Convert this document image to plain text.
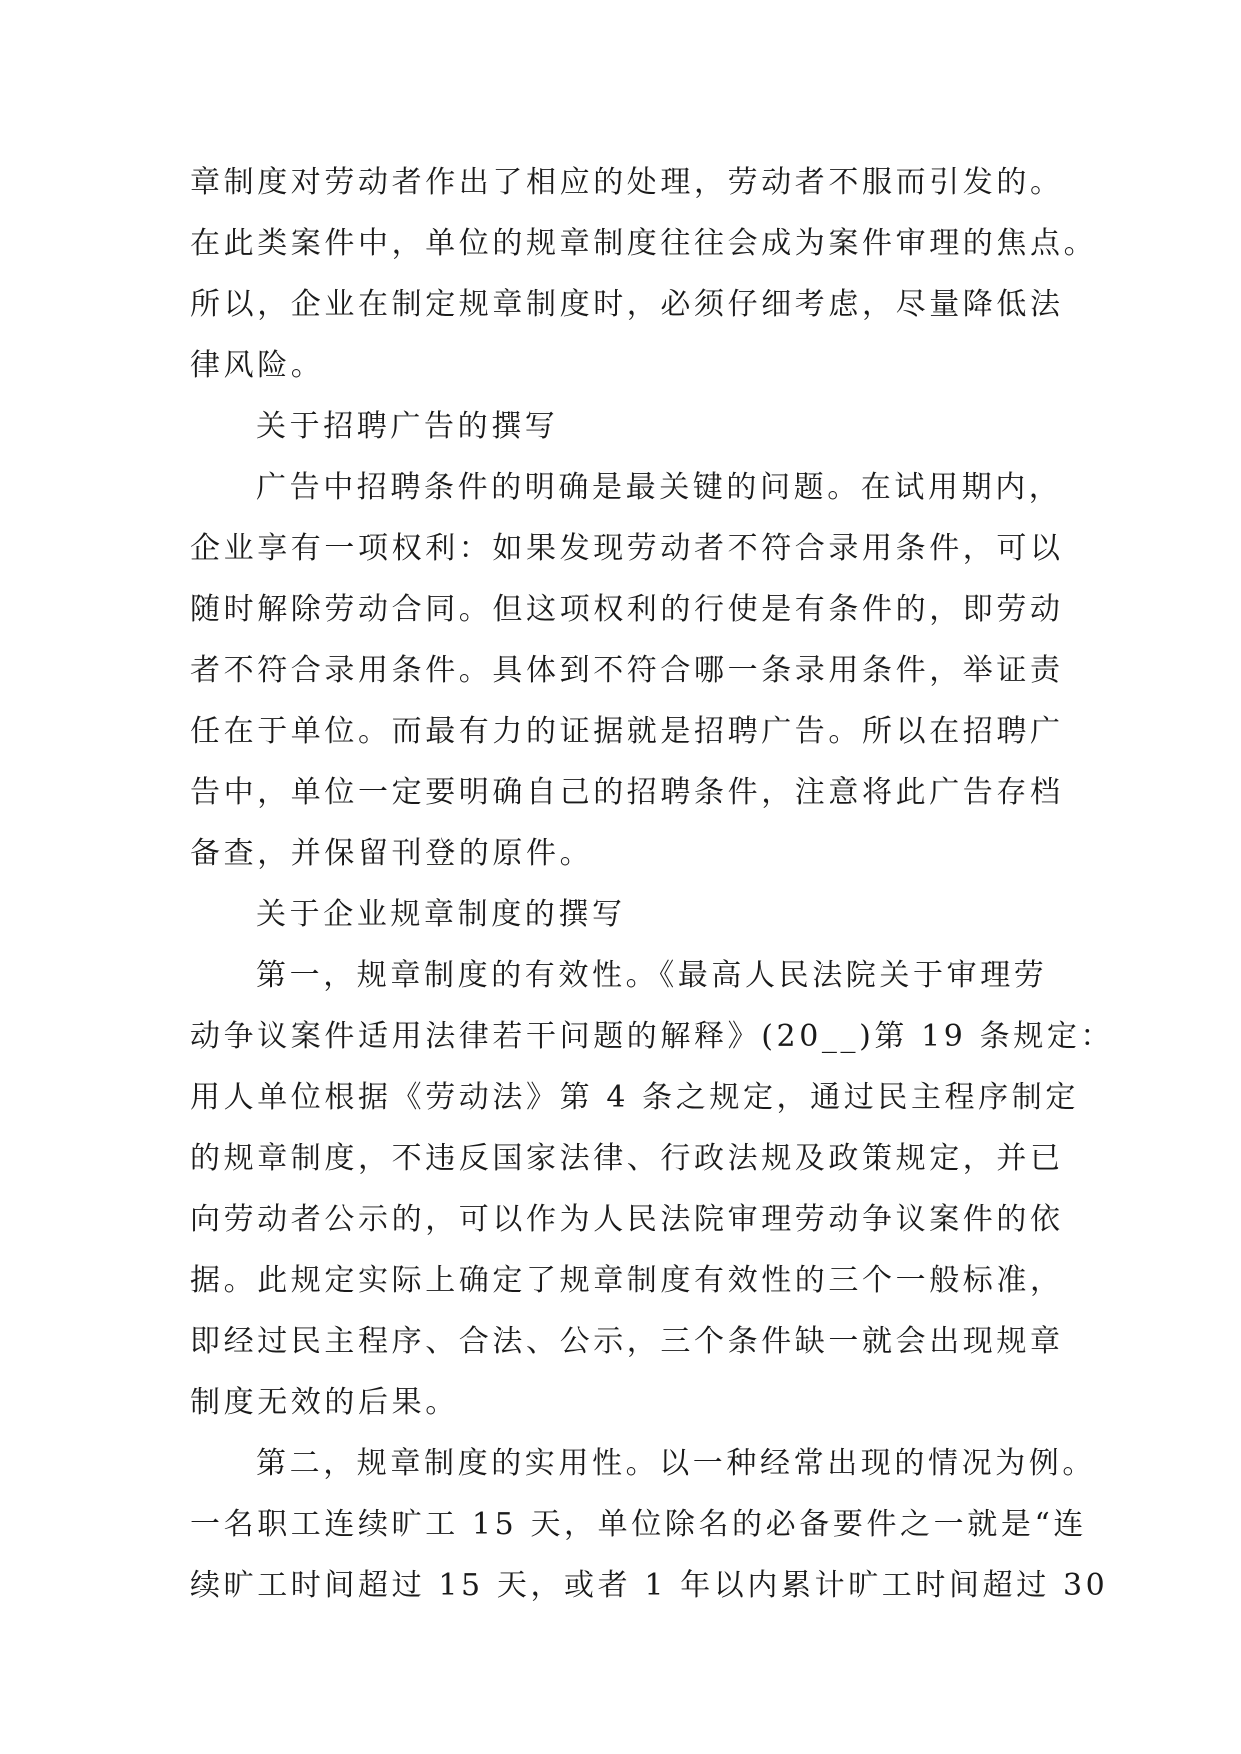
章制度对劳动者作出了相应的处理，劳动者不服而引发的。
在此类案件中，单位的规章制度往往会成为案件审理的焦点。
所以，企业在制定规章制度时，必须仔细考虑，尽量降低法
律风险。
关于招聘广告的撰写
广告中招聘条件的明确是最关键的问题。在试用期内，
企业享有一项权利：如果发现劳动者不符合录用条件，可以
随时解除劳动合同。但这项权利的行使是有条件的，即劳动
者不符合录用条件。具体到不符合哪一条录用条件，举证责
任在于单位。而最有力的证据就是招聘广告。所以在招聘广
告中，单位一定要明确自己的招聘条件，注意将此广告存档
备查，并保留刊登的原件。
关于企业规章制度的撰写
第一，规章制度的有效性。《最高人民法院关于审理劳
动争议案件适用法律若干问题的解释》(20__)第 19 条规定：
用人单位根据《劳动法》第 4 条之规定，通过民主程序制定
的规章制度，不违反国家法律、行政法规及政策规定，并已
向劳动者公示的，可以作为人民法院审理劳动争议案件的依
据。此规定实际上确定了规章制度有效性的三个一般标准，
即经过民主程序、合法、公示，三个条件缺一就会出现规章
制度无效的后果。
第二，规章制度的实用性。以一种经常出现的情况为例。
一名职工连续旷工 15 天，单位除名的必备要件之一就是“连
续旷工时间超过 15 天，或者 1 年以内累计旷工时间超过 30
